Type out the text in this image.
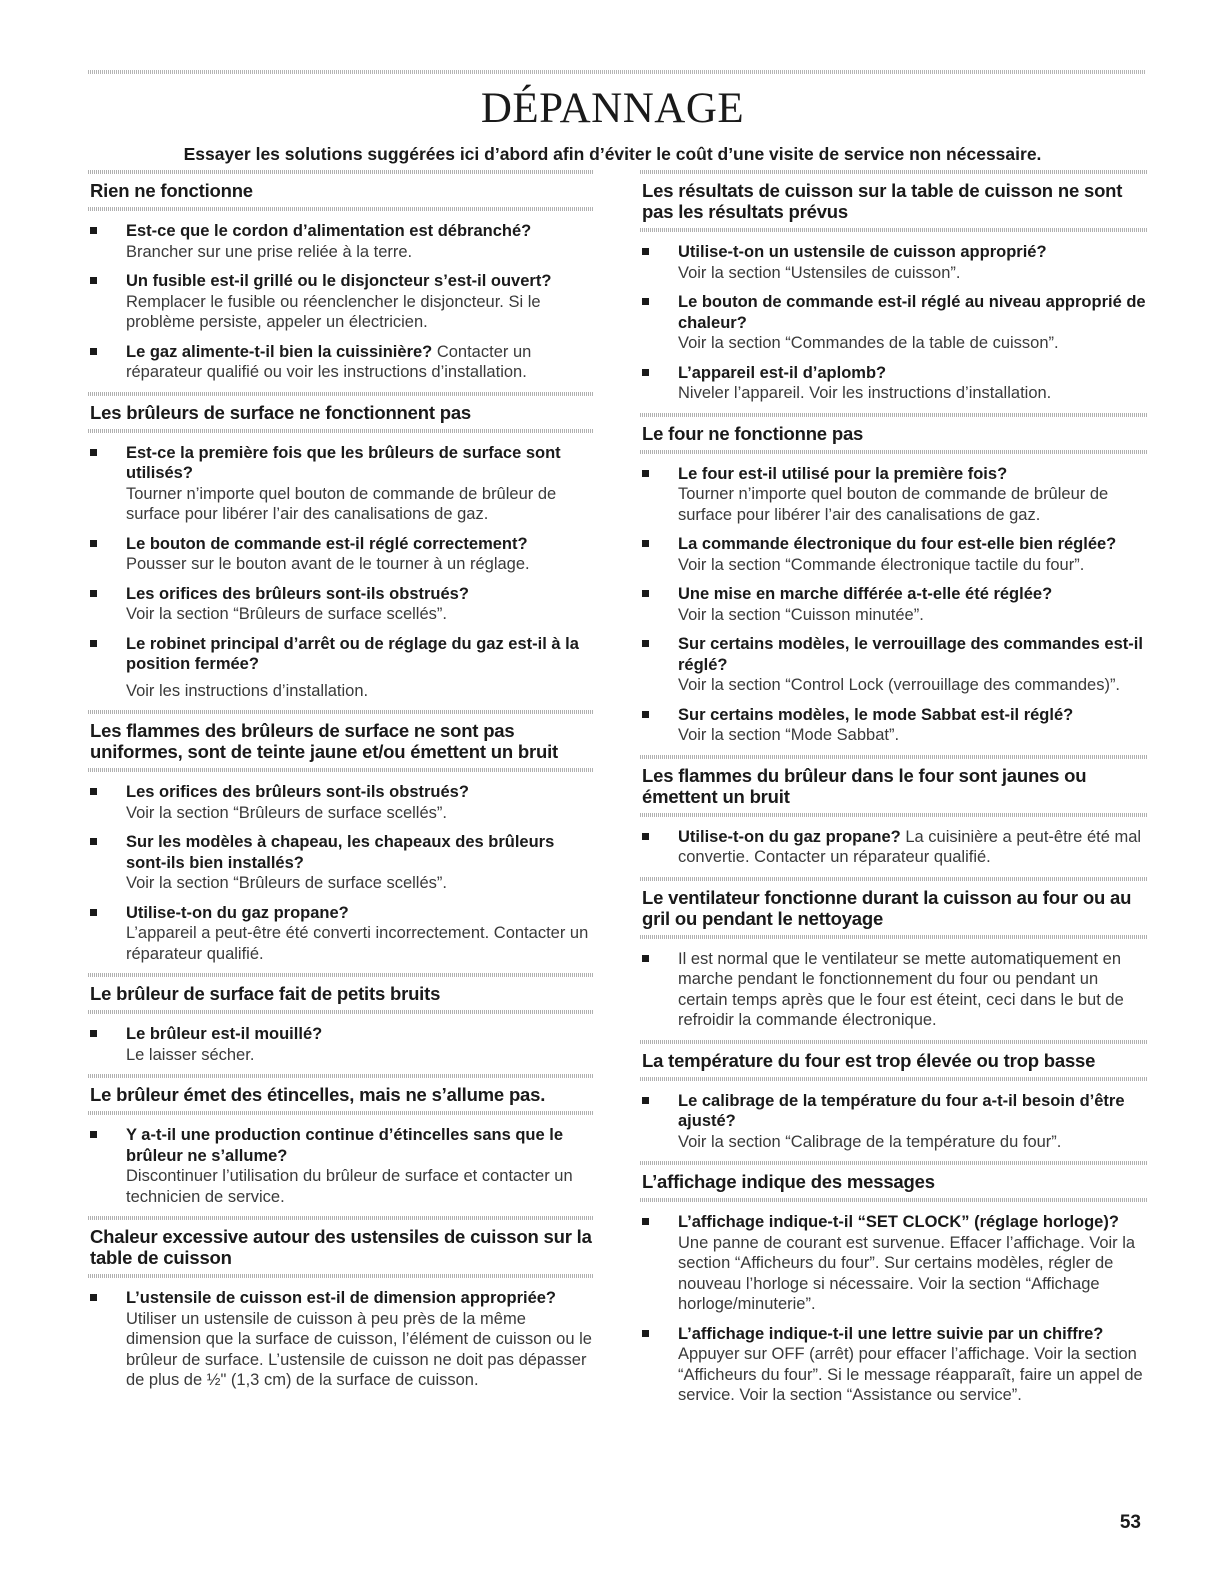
DÉPANNAGE

Essayer les solutions suggérées ici d’abord afin d’éviter le coût d’une visite de service non nécessaire.

Rien ne fonctionne
Est-ce que le cordon d’alimentation est débranché?
Brancher sur une prise reliée à la terre.
Un fusible est-il grillé ou le disjoncteur s’est-il ouvert?
Remplacer le fusible ou réenclencher le disjoncteur. Si le problème persiste, appeler un électricien.
Le gaz alimente-t-il bien la cuissinière? Contacter un réparateur qualifié ou voir les instructions d’installation.
Les brûleurs de surface ne fonctionnent pas
Est-ce la première fois que les brûleurs de surface sont utilisés?
Tourner n’importe quel bouton de commande de brûleur de surface pour libérer l’air des canalisations de gaz.
Le bouton de commande est-il réglé correctement?
Pousser sur le bouton avant de le tourner à un réglage.
Les orifices des brûleurs sont-ils obstrués?
Voir la section “Brûleurs de surface scellés”.
Le robinet principal d’arrêt ou de réglage du gaz est-il à la position fermée?
Voir les instructions d’installation.
Les flammes des brûleurs de surface ne sont pas uniformes, sont de teinte jaune et/ou émettent un bruit
Les orifices des brûleurs sont-ils obstrués?
Voir la section “Brûleurs de surface scellés”.
Sur les modèles à chapeau, les chapeaux des brûleurs sont-ils bien installés?
Voir la section “Brûleurs de surface scellés”.
Utilise-t-on du gaz propane?
L’appareil a peut-être été converti incorrectement. Contacter un réparateur qualifié.
Le brûleur de surface fait de petits bruits
Le brûleur est-il mouillé?
Le laisser sécher.
Le brûleur émet des étincelles, mais ne s’allume pas.
Y a-t-il une production continue d’étincelles sans que le brûleur ne s’allume?
Discontinuer l’utilisation du brûleur de surface et contacter un technicien de service.
Chaleur excessive autour des ustensiles de cuisson sur la table de cuisson
L’ustensile de cuisson est-il de dimension appropriée?
Utiliser un ustensile de cuisson à peu près de la même dimension que la surface de cuisson, l’élément de cuisson ou le brûleur de surface. L’ustensile de cuisson ne doit pas dépasser de plus de ½" (1,3 cm) de la surface de cuisson.
Les résultats de cuisson sur la table de cuisson ne sont pas les résultats prévus
Utilise-t-on un ustensile de cuisson approprié?
Voir la section “Ustensiles de cuisson”.
Le bouton de commande est-il réglé au niveau approprié de chaleur?
Voir la section “Commandes de la table de cuisson”.
L’appareil est-il d’aplomb?
Niveler l’appareil. Voir les instructions d’installation.
Le four ne fonctionne pas
Le four est-il utilisé pour la première fois?
Tourner n’importe quel bouton de commande de brûleur de surface pour libérer l’air des canalisations de gaz.
La commande électronique du four est-elle bien réglée?
Voir la section “Commande électronique tactile du four”.
Une mise en marche différée a-t-elle été réglée?
Voir la section “Cuisson minutée”.
Sur certains modèles, le verrouillage des commandes est-il réglé?
Voir la section “Control Lock (verrouillage des commandes)”.
Sur certains modèles, le mode Sabbat est-il réglé?
Voir la section “Mode Sabbat”.
Les flammes du brûleur dans le four sont jaunes ou émettent un bruit
Utilise-t-on du gaz propane? La cuisinière a peut-être été mal convertie. Contacter un réparateur qualifié.
Le ventilateur fonctionne durant la cuisson au four ou au gril ou pendant le nettoyage
Il est normal que le ventilateur se mette automatiquement en marche pendant le fonctionnement du four ou pendant un certain temps après que le four est éteint, ceci dans le but de refroidir la commande électronique.
La température du four est trop élevée ou trop basse
Le calibrage de la température du four a-t-il besoin d’être ajusté?
Voir la section “Calibrage de la température du four”.
L’affichage indique des messages
L’affichage indique-t-il “SET CLOCK” (réglage horloge)?
Une panne de courant est survenue. Effacer l’affichage. Voir la section “Afficheurs du four”. Sur certains modèles, régler de nouveau l’horloge si nécessaire. Voir la section “Affichage horloge/minuterie”.
L’affichage indique-t-il une lettre suivie par un chiffre?
Appuyer sur OFF (arrêt) pour effacer l’affichage. Voir la section “Afficheurs du four”. Si le message réapparaît, faire un appel de service. Voir la section “Assistance ou service”.
53
